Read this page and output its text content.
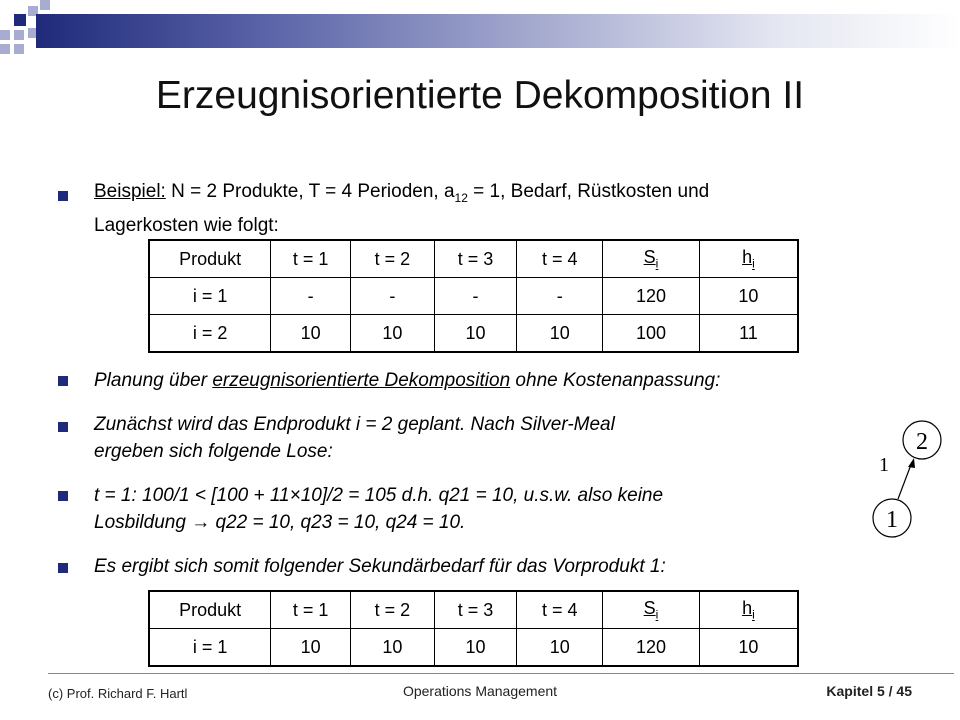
Erzeugnisorientierte Dekomposition II
Beispiel: N = 2 Produkte, T = 4 Perioden, $a_{12} = 1$, Bedarf, Rüstkosten und
Lagerkosten wie folgt:
Produkt	t = 1	t = 2	t = 3	t = 4	$S_i$	$h_i$
i = 1	-	-	-	-	120	10
i = 2	10	10	10	10	100	11
Planung über erzeugnisorientierte Dekomposition ohne Kostenanpassung:
Zunächst wird das Endprodukt i = 2 geplant. Nach Silver-Meal
ergeben sich folgende Lose:
t = 1: 100/1 < [100 + 11×10]/2 = 105 d.h. q21 = 10, u.s.w. also keine
Losbildung → q22 = 10, q23 = 10, q24 = 10.
Es ergibt sich somit folgender Sekundärbedarf für das Vorprodukt 1:
Produkt	t = 1	t = 2	t = 3	t = 4	$S_i$	$h_i$
i = 1	10	10	10	10	120	10
2
1
1
(c) Prof. Richard F. Hartl	Operations Management	Kapitel 5 / 45
